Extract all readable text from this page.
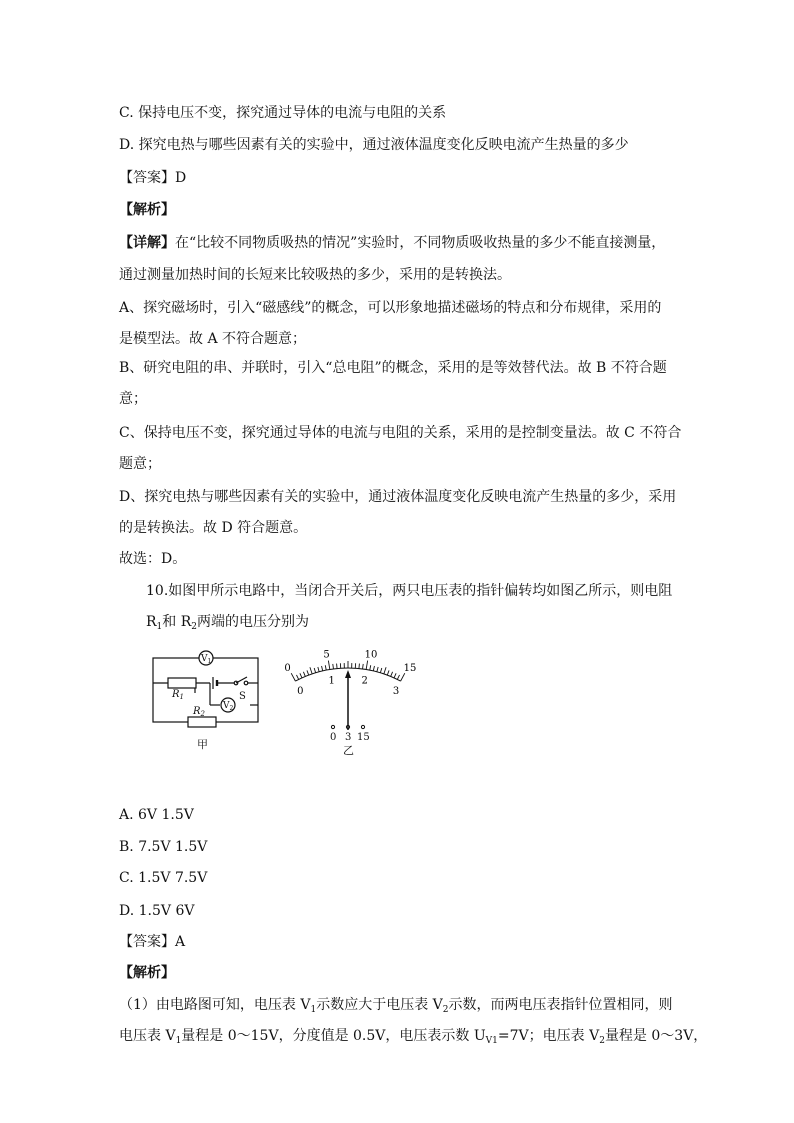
C. 保持电压不变，探究通过导体的电流与电阻的关系
D. 探究电热与哪些因素有关的实验中，通过液体温度变化反映电流产生热量的多少
【答案】D
【解析】
【详解】在“比较不同物质吸热的情况”实验时，不同物质吸收热量的多少不能直接测量，
通过测量加热时间的长短来比较吸热的多少，采用的是转换法。
A、探究磁场时，引入“磁感线”的概念，可以形象地描述磁场的特点和分布规律，采用的
是模型法。故 A 不符合题意；
B、研究电阻的串、并联时，引入“总电阻”的概念，采用的是等效替代法。故 B 不符合题
意；
C、保持电压不变，探究通过导体的电流与电阻的关系，采用的是控制变量法。故 C 不符合
题意；
D、探究电热与哪些因素有关的实验中，通过液体温度变化反映电流产生热量的多少，采用
的是转换法。故 D 符合题意。
故选：D。
10.如图甲所示电路中，当闭合开关后，两只电压表的指针偏转均如图乙所示，则电阻
$R_1$和 $R_2$两端的电压分别为
$V_1$
$V_2$
$R_1$
$R_2$
S
甲
0
5	10
15
0
1	2
3
0 3 15
乙
A. 6V 1.5V
B. 7.5V 1.5V
C. 1.5V 7.5V
D. 1.5V 6V
【答案】A
【解析】
（1）由电路图可知，电压表 $V_1$示数应大于电压表 $V_2$示数，而两电压表指针位置相同，则
电压表 $V_1$量程是 0～15V，分度值是 0.5V，电压表示数 $U_{V1}=7V$；电压表 $V_2$量程是 0～3V，
